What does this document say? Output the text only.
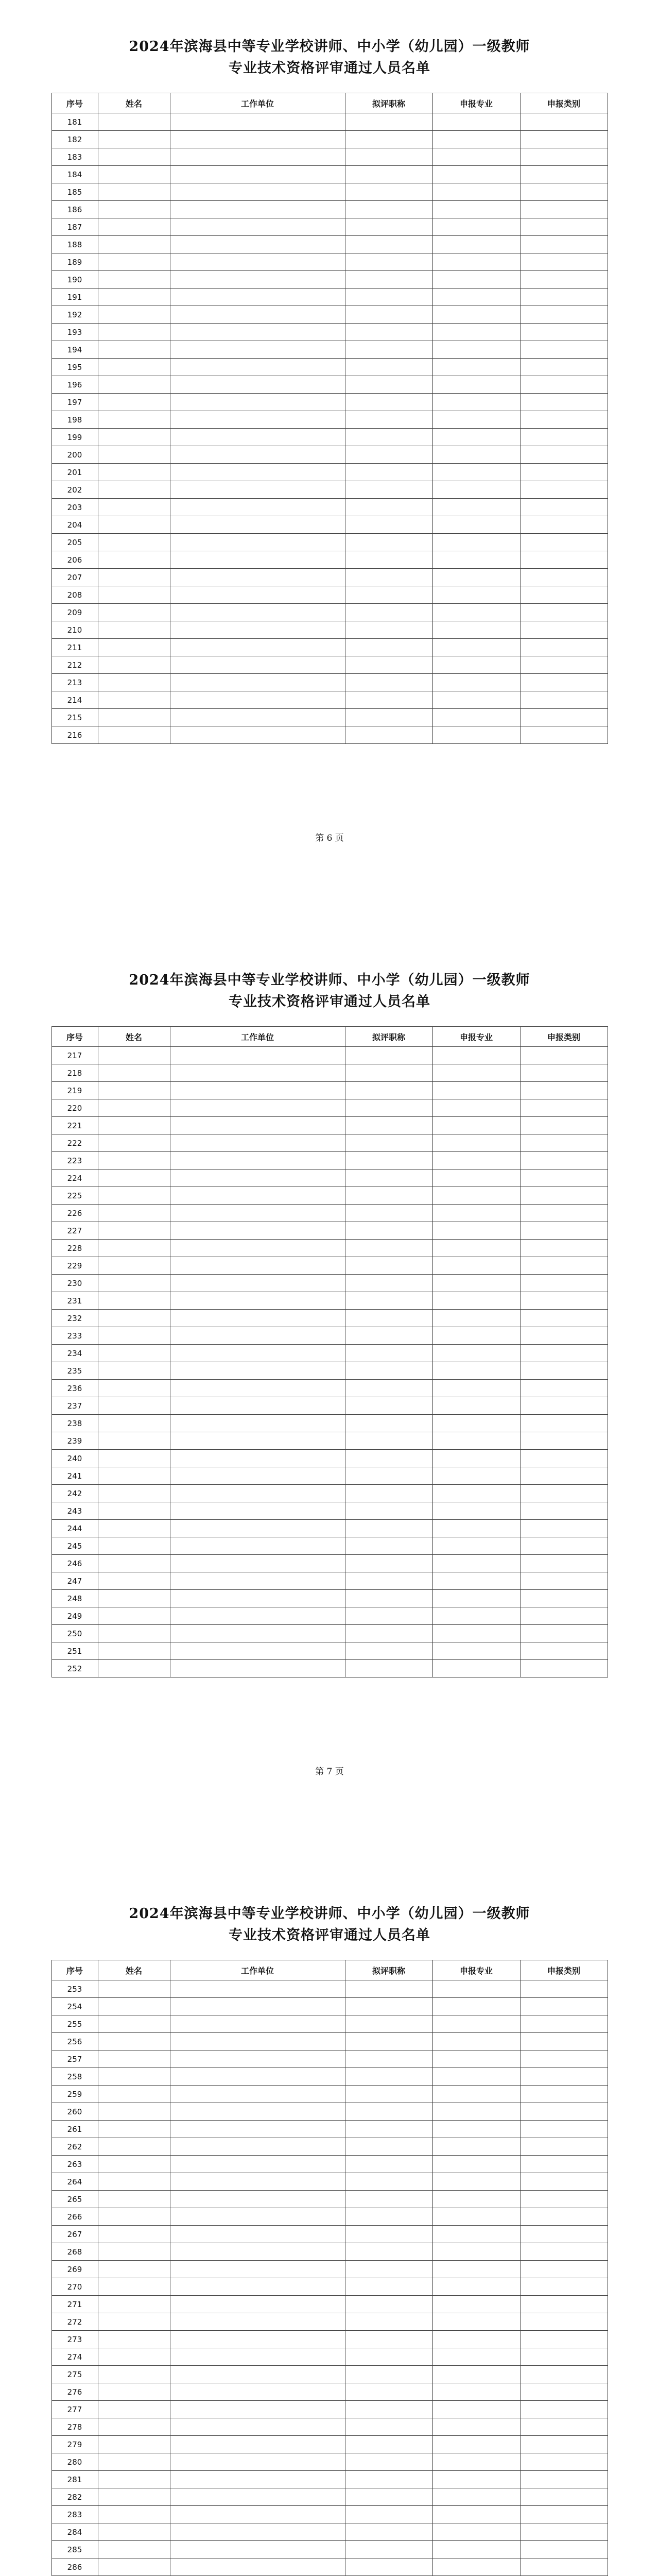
2024年滨海县中等专业学校讲师、中小学（幼儿园）一级教师
专业技术资格评审通过人员名单
序号	姓名	工作单位	拟评职称	申报专业	申报类别
181					
182					
183					
184					
185					
186					
187					
188					
189					
190					
191					
192					
193					
194					
195					
196					
197					
198					
199					
200					
201					
202					
203					
204					
205					
206					
207					
208					
209					
210					
211					
212					
213					
214					
215					
216					
第 6 页
2024年滨海县中等专业学校讲师、中小学（幼儿园）一级教师
专业技术资格评审通过人员名单
序号	姓名	工作单位	拟评职称	申报专业	申报类别
217					
218					
219					
220					
221					
222					
223					
224					
225					
226					
227					
228					
229					
230					
231					
232					
233					
234					
235					
236					
237					
238					
239					
240					
241					
242					
243					
244					
245					
246					
247					
248					
249					
250					
251					
252					
第 7 页
2024年滨海县中等专业学校讲师、中小学（幼儿园）一级教师
专业技术资格评审通过人员名单
序号	姓名	工作单位	拟评职称	申报专业	申报类别
253					
254					
255					
256					
257					
258					
259					
260					
261					
262					
263					
264					
265					
266					
267					
268					
269					
270					
271					
272					
273					
274					
275					
276					
277					
278					
279					
280					
281					
282					
283					
284					
285					
286					
